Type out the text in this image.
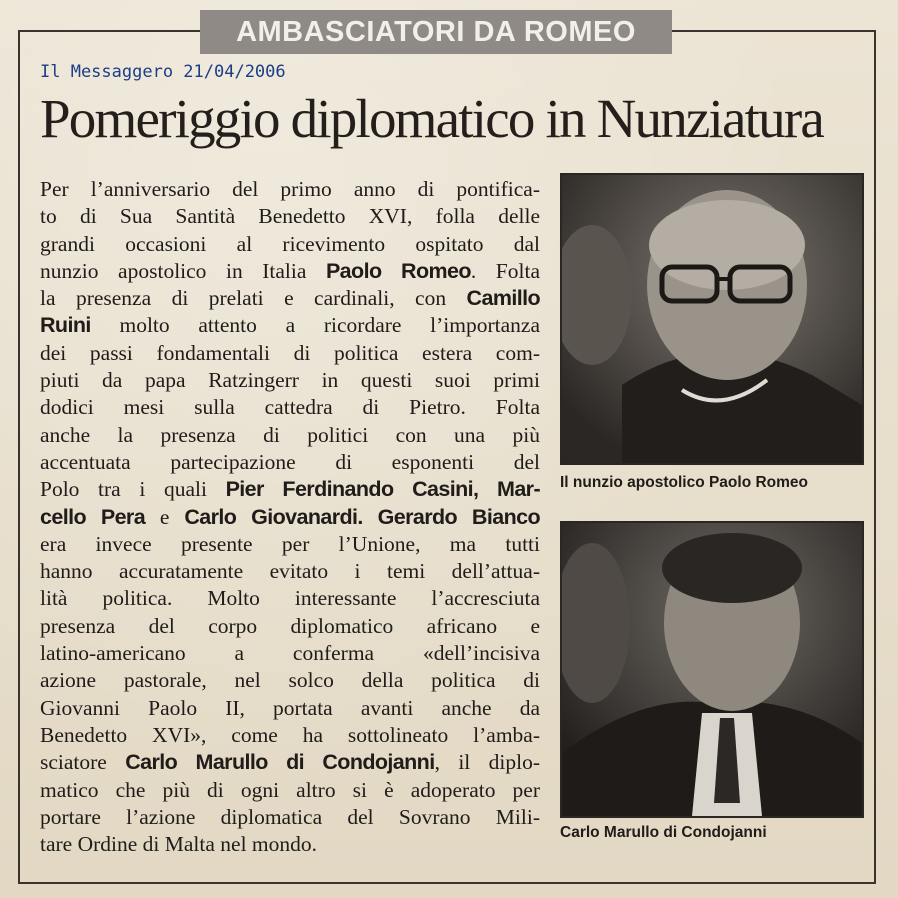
AMBASCIATORI DA ROMEO
Il Messaggero 21/04/2006
Pomeriggio diplomatico in Nunziatura
Per l’anniversario del primo anno di pontifica-
to di Sua Santità Benedetto XVI, folla delle
grandi occasioni al ricevimento ospitato dal
nunzio apostolico in Italia Paolo Romeo. Folta
la presenza di prelati e cardinali, con Camillo
Ruini molto attento a ricordare l’importanza
dei passi fondamentali di politica estera com-
piuti da papa Ratzingerr in questi suoi primi
dodici mesi sulla cattedra di Pietro. Folta
anche la presenza di politici con una più
accentuata partecipazione di esponenti del
Polo tra i quali Pier Ferdinando Casini, Mar-
cello Pera e Carlo Giovanardi. Gerardo Bianco
era invece presente per l’Unione, ma tutti
hanno accuratamente evitato i temi dell’attua-
lità politica. Molto interessante l’accresciuta
presenza del corpo diplomatico africano e
latino-americano a conferma «dell’incisiva
azione pastorale, nel solco della politica di
Giovanni Paolo II, portata avanti anche da
Benedetto XVI», come ha sottolineato l’amba-
sciatore Carlo Marullo di Condojanni, il diplo-
matico che più di ogni altro si è adoperato per
portare l’azione diplomatica del Sovrano Mili-
tare Ordine di Malta nel mondo.
Il nunzio apostolico Paolo Romeo
Carlo Marullo di Condojanni
